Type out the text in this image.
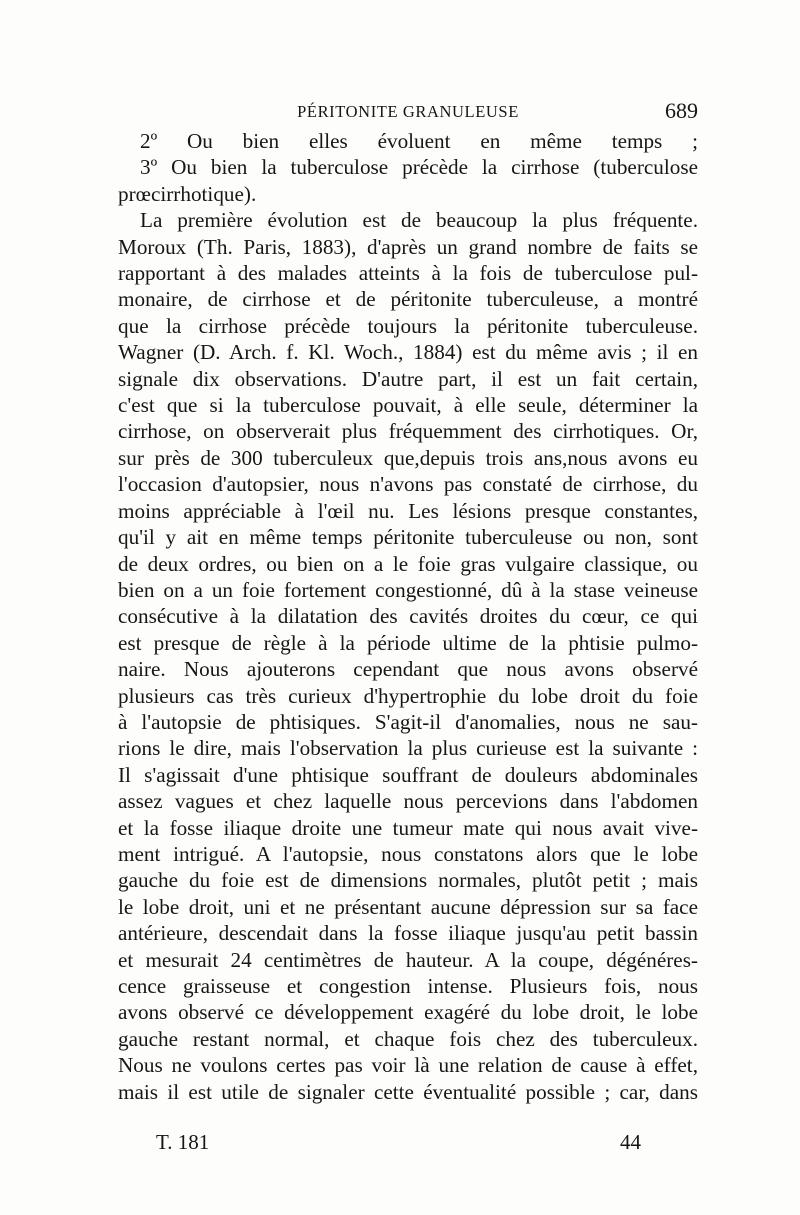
PÉRITONITE GRANULEUSE	689
2º Ou bien elles évoluent en même temps ;
3º Ou bien la tuberculose précède la cirrhose (tuberculose
prœcirrhotique).
La première évolution est de beaucoup la plus fréquente.
Moroux (Th. Paris, 1883), d'après un grand nombre de faits se
rapportant à des malades atteints à la fois de tuberculose pul-
monaire, de cirrhose et de péritonite tuberculeuse, a montré
que la cirrhose précède toujours la péritonite tuberculeuse.
Wagner (D. Arch. f. Kl. Woch., 1884) est du même avis ; il en
signale dix observations. D'autre part, il est un fait certain,
c'est que si la tuberculose pouvait, à elle seule, déterminer la
cirrhose, on observerait plus fréquemment des cirrhotiques. Or,
sur près de 300 tuberculeux que,depuis trois ans,nous avons eu
l'occasion d'autopsier, nous n'avons pas constaté de cirrhose, du
moins appréciable à l'œil nu. Les lésions presque constantes,
qu'il y ait en même temps péritonite tuberculeuse ou non, sont
de deux ordres, ou bien on a le foie gras vulgaire classique, ou
bien on a un foie fortement congestionné, dû à la stase veineuse
consécutive à la dilatation des cavités droites du cœur, ce qui
est presque de règle à la période ultime de la phtisie pulmo-
naire. Nous ajouterons cependant que nous avons observé
plusieurs cas très curieux d'hypertrophie du lobe droit du foie
à l'autopsie de phtisiques. S'agit-il d'anomalies, nous ne sau-
rions le dire, mais l'observation la plus curieuse est la suivante :
Il s'agissait d'une phtisique souffrant de douleurs abdominales
assez vagues et chez laquelle nous percevions dans l'abdomen
et la fosse iliaque droite une tumeur mate qui nous avait vive-
ment intrigué. A l'autopsie, nous constatons alors que le lobe
gauche du foie est de dimensions normales, plutôt petit ; mais
le lobe droit, uni et ne présentant aucune dépression sur sa face
antérieure, descendait dans la fosse iliaque jusqu'au petit bassin
et mesurait 24 centimètres de hauteur. A la coupe, dégénéres-
cence graisseuse et congestion intense. Plusieurs fois, nous
avons observé ce développement exagéré du lobe droit, le lobe
gauche restant normal, et chaque fois chez des tuberculeux.
Nous ne voulons certes pas voir là une relation de cause à effet,
mais il est utile de signaler cette éventualité possible ; car, dans
T. 181	44
